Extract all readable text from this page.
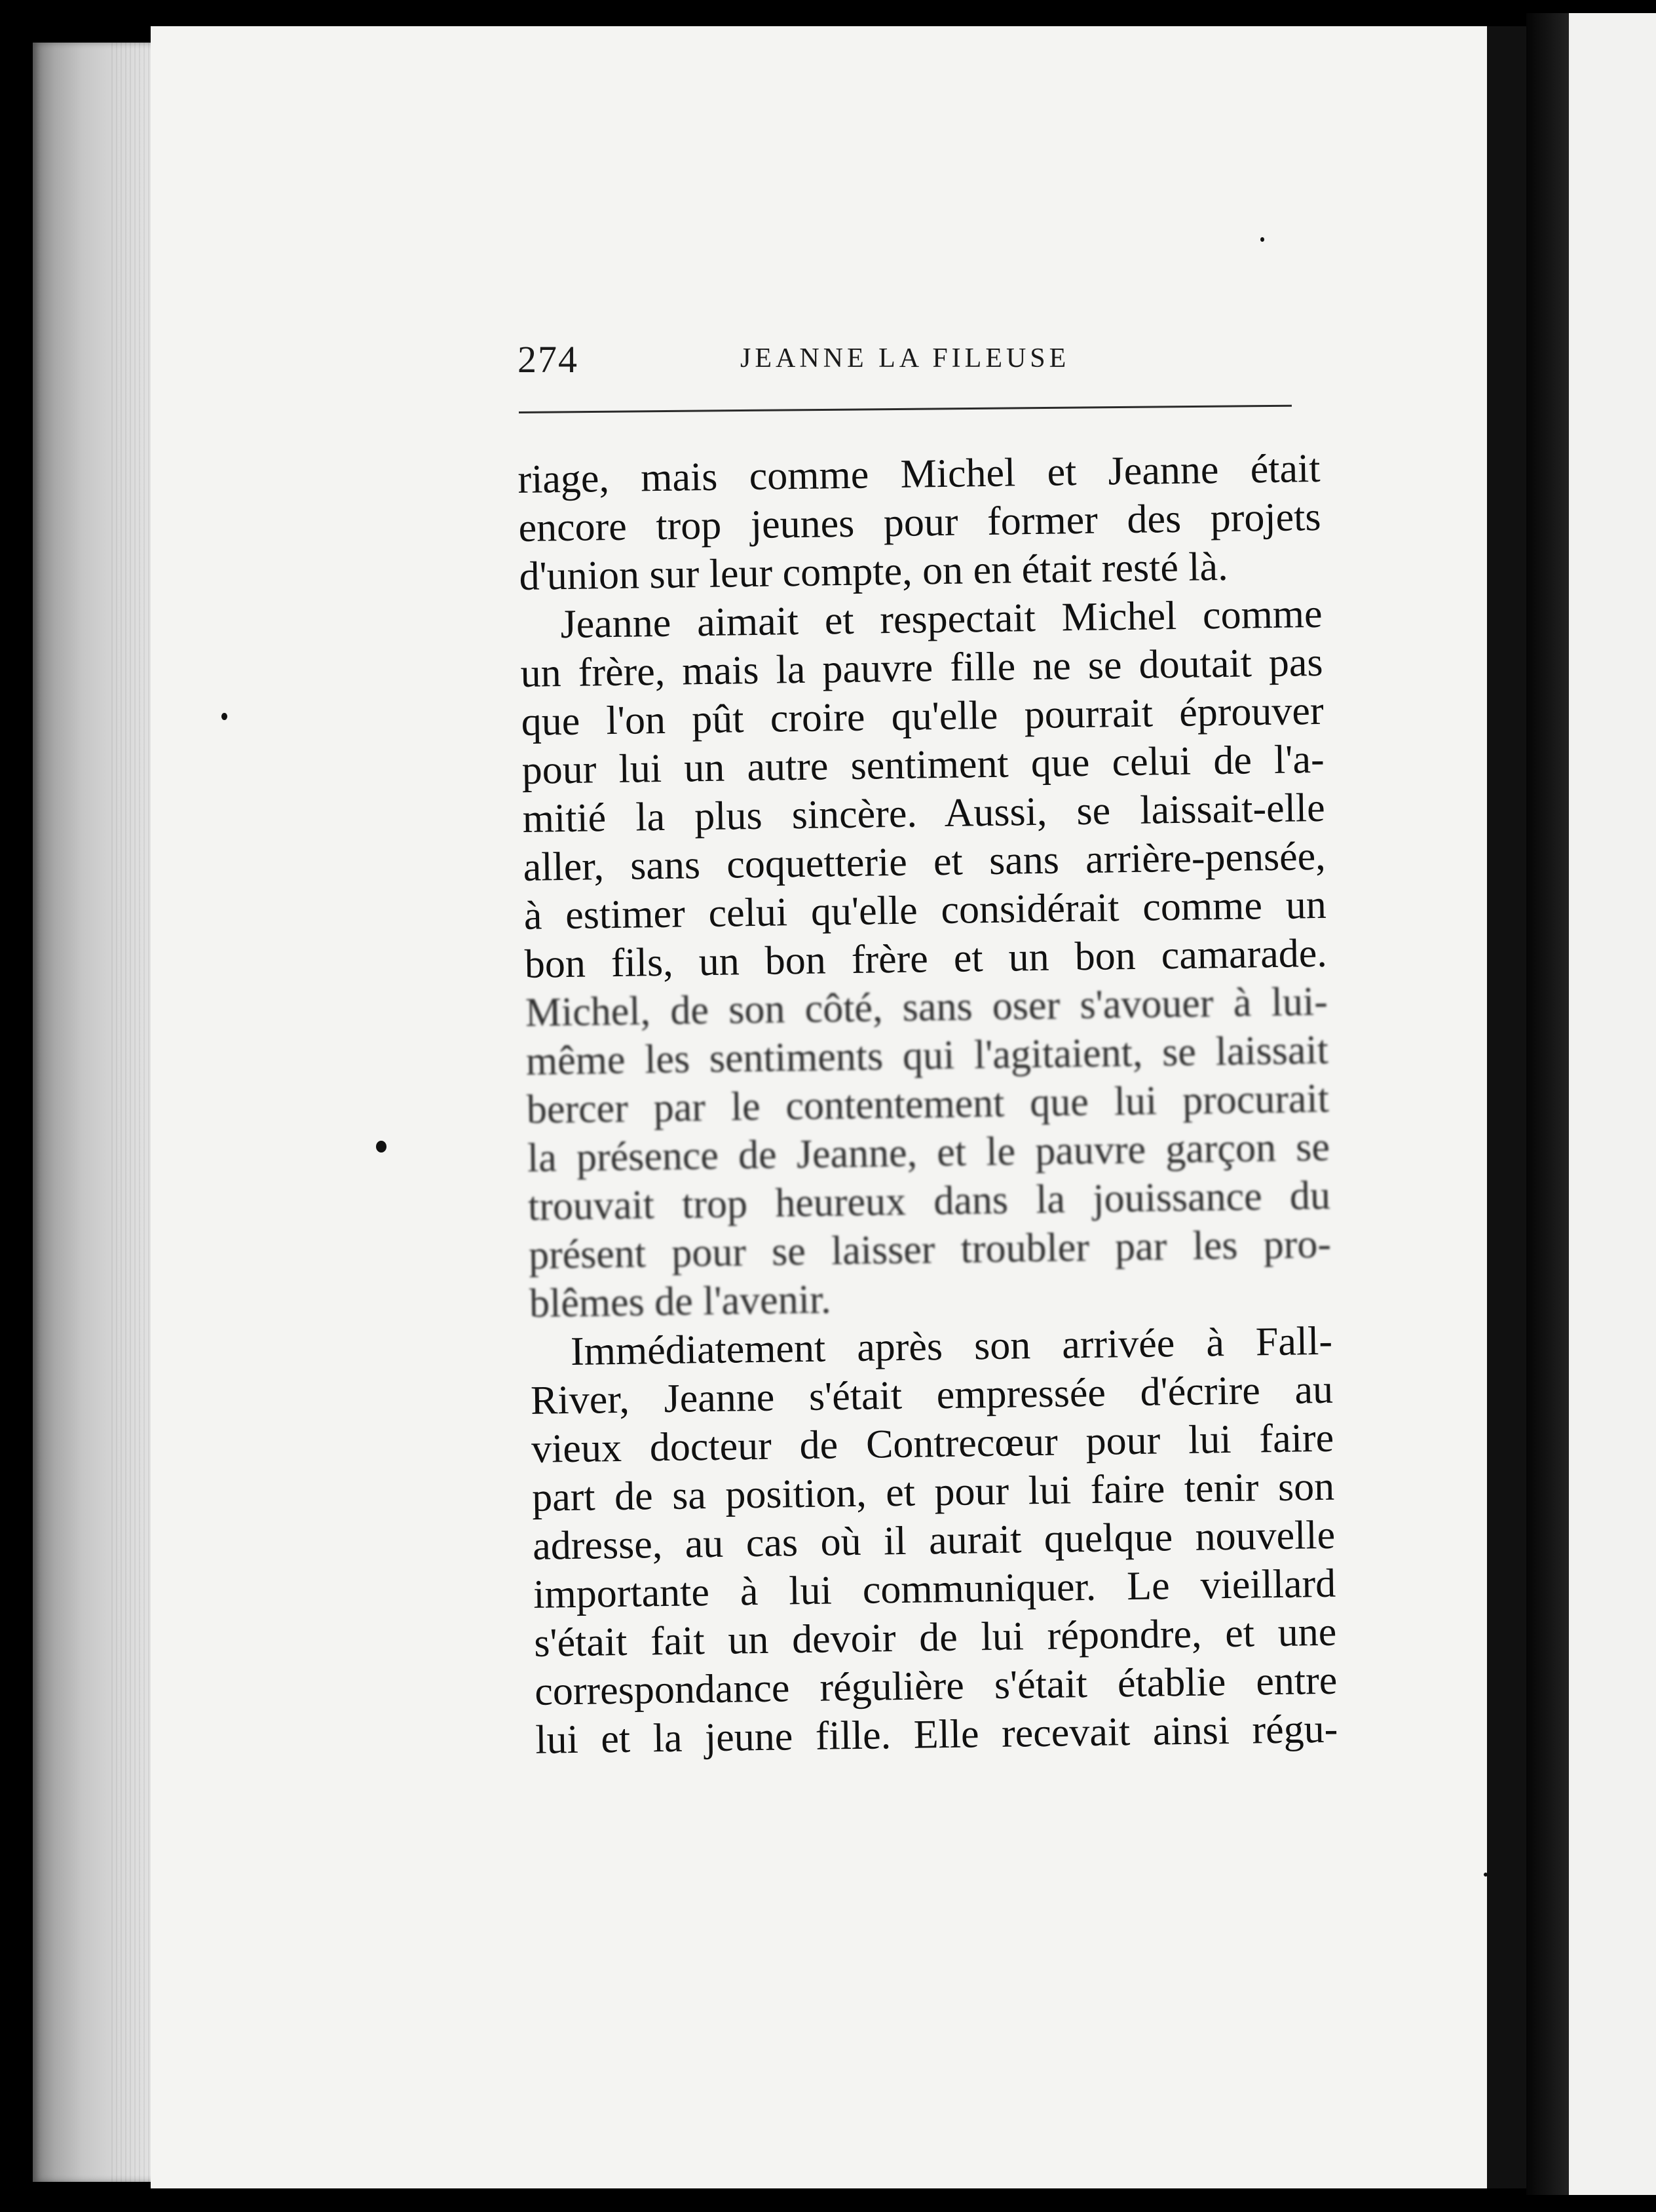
274	JEANNE LA FILEUSE
riage, mais comme Michel et Jeanne était
encore trop jeunes pour former des projets
d'union sur leur compte, on en était resté là.
Jeanne aimait et respectait Michel comme
un frère, mais la pauvre fille ne se doutait pas
que l'on pût croire qu'elle pourrait éprouver
pour lui un autre sentiment que celui de l'a-
mitié la plus sincère. Aussi, se laissait-elle
aller, sans coquetterie et sans arrière-pensée,
à estimer celui qu'elle considérait comme un
bon fils, un bon frère et un bon camarade.
Michel, de son côté, sans oser s'avouer à lui-
même les sentiments qui l'agitaient, se laissait
bercer par le contentement que lui procurait
la présence de Jeanne, et le pauvre garçon se
trouvait trop heureux dans la jouissance du
présent pour se laisser troubler par les pro-
blêmes de l'avenir.
Immédiatement après son arrivée à Fall-
River, Jeanne s'était empressée d'écrire au
vieux docteur de Contrecœur pour lui faire
part de sa position, et pour lui faire tenir son
adresse, au cas où il aurait quelque nouvelle
importante à lui communiquer. Le vieillard
s'était fait un devoir de lui répondre, et une
correspondance régulière s'était établie entre
lui et la jeune fille. Elle recevait ainsi régu-
